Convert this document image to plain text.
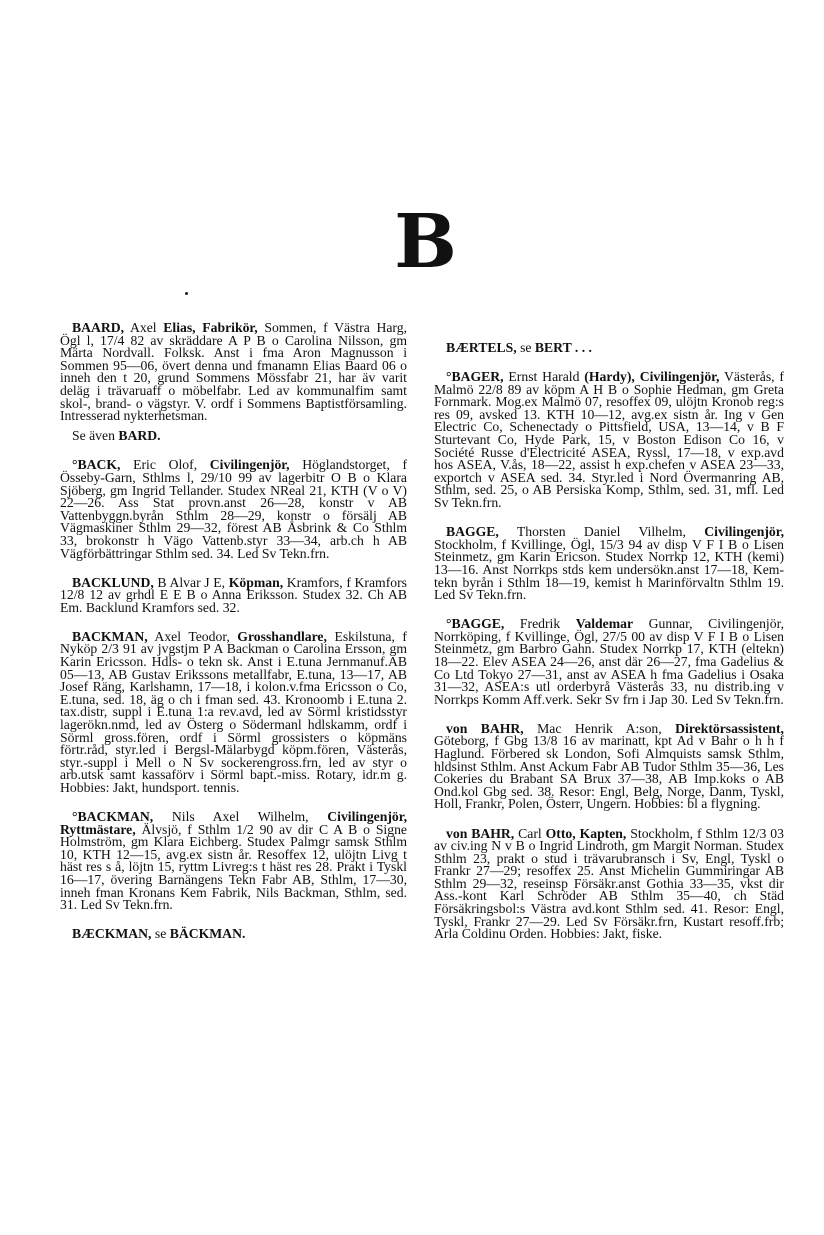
B

BAARD, Axel Elias, Fabrikör, Sommen, f Västra Harg, Ögl l, 17/4 82 av skräddare A P B o Carolina Nilsson, gm Märta Nordvall. Folksk. Anst i fma Aron Magnusson i Sommen 95—06, övert denna und fmanamn Elias Baard 06 o inneh den t 20, grund Sommens Mössfabr 21, har äv varit deläg i trävaruaff o möbelfabr. Led av kommunalfim samt skol-, brand- o vägstyr. V. ordf i Sommens Baptistförsamling. Intresserad nykterhetsman.

Se även BARD.

°BACK, Eric Olof, Civilingenjör, Höglandstorget, f Össeby-Garn, Sthlms l, 29/10 99 av lagerbitr O B o Klara Sjöberg, gm Ingrid Tellander. Studex NReal 21, KTH (V o V) 22—26. Ass Stat provn.anst 26—28, konstr v AB Vattenbyggn.byrån Sthlm 28—29, konstr o försälj AB Vägmaskiner Sthlm 29—32, förest AB Åsbrink & Co Sthlm 33, brokonstr h Vägo Vattenb.styr 33—34, arb.ch h AB Vägförbättringar Sthlm sed. 34. Led Sv Tekn.frn.

BACKLUND, B Alvar J E, Köpman, Kramfors, f Kramfors 12/8 12 av grhdl E E B o Anna Eriksson. Studex 32. Ch AB Em. Backlund Kramfors sed. 32.

BACKMAN, Axel Teodor, Grosshandlare, Eskilstuna, f Nyköp 2/3 91 av jvgstjm P A Backman o Carolina Ersson, gm Karin Ericsson. Hdls- o tekn sk. Anst i E.tuna Jernmanuf.AB 05—13, AB Gustav Erikssons metallfabr, E.tuna, 13—17, AB Josef Räng, Karlshamn, 17—18, i kolon.v.fma Ericsson o Co, E.tuna, sed. 18, äg o ch i fman sed. 43. Kronoomb i E.tuna 2. tax.distr, suppl i E.tuna 1:a rev.avd, led av Sörml kristidsstyr lagerökn.nmd, led av Österg o Södermanl hdlskamm, ordf i Sörml gross.fören, ordf i Sörml grossisters o köpmäns förtr.råd, styr.led i Bergsl-Mälarbygd köpm.fören, Västerås, styr.-suppl i Mell o N Sv sockerengross.frn, led av styr o arb.utsk samt kassaförv i Sörml bapt.-miss. Rotary, idr.m g. Hobbies: Jakt, hundsport. tennis.

°BACKMAN, Nils Axel Wilhelm, Civilingenjör, Ryttmästare, Älvsjö, f Sthlm 1/2 90 av dir C A B o Signe Holmström, gm Klara Eichberg. Studex Palmgr samsk Sthlm 10, KTH 12—15, avg.ex sistn år. Resoffex 12, ulöjtn Livg t häst res s å, löjtn 15, ryttm Livreg:s t häst res 28. Prakt i Tyskl 16—17, övering Barnängens Tekn Fabr AB, Sthlm, 17—30, inneh fman Kronans Kem Fabrik, Nils Backman, Sthlm, sed. 31. Led Sv Tekn.frn.

BÆCKMAN, se BÄCKMAN.

BÆRTELS, se BERT . . .

°BAGER, Ernst Harald (Hardy), Civilingenjör, Västerås, f Malmö 22/8 89 av köpm A H B o Sophie Hedman, gm Greta Fornmark. Mog.ex Malmö 07, resoffex 09, ulöjtn Kronob reg:s res 09, avsked 13. KTH 10—12, avg.ex sistn år. Ing v Gen Electric Co, Schenectady o Pittsfield, USA, 13—14, v B F Sturtevant Co, Hyde Park, 15, v Boston Edison Co 16, v Société Russe d'Electricité ASEA, Ryssl, 17—18, v exp.avd hos ASEA, V.ås, 18—22, assist h exp.chefen v ASEA 23—33, exportch v ASEA sed. 34. Styr.led i Nord Övermanring AB, Sthlm, sed. 25, o AB Persiska Komp, Sthlm, sed. 31, mfl. Led Sv Tekn.frn.

BAGGE, Thorsten Daniel Vilhelm, Civilingenjör, Stockholm, f Kvillinge, Ögl, 15/3 94 av disp V F I B o Lisen Steinmetz, gm Karin Ericson. Studex Norrkp 12, KTH (kemi) 13—16. Anst Norrkps stds kem undersökn.anst 17—18, Kem-tekn byrån i Sthlm 18—19, kemist h Marinförvaltn Sthlm 19. Led Sv Tekn.frn.

°BAGGE, Fredrik Valdemar Gunnar, Civilingenjör, Norrköping, f Kvillinge, Ögl, 27/5 00 av disp V F I B o Lisen Steinmetz, gm Barbro Gahn. Studex Norrkp 17, KTH (eltekn) 18—22. Elev ASEA 24—26, anst där 26—27, fma Gadelius & Co Ltd Tokyo 27—31, anst av ASEA h fma Gadelius i Osaka 31—32, ASEA:s utl orderbyrå Västerås 33, nu distrib.ing v Norrkps Komm Aff.verk. Sekr Sv frn i Jap 30. Led Sv Tekn.frn.

von BAHR, Mac Henrik A:son, Direktörsassistent, Göteborg, f Gbg 13/8 16 av marinatt, kpt Ad v Bahr o h h f Haglund. Förbered sk London, Sofi Almquists samsk Sthlm, hldsinst Sthlm. Anst Ackum Fabr AB Tudor Sthlm 35—36, Les Cokeries du Brabant SA Brux 37—38, AB Imp.koks o AB Ond.kol Gbg sed. 38. Resor: Engl, Belg, Norge, Danm, Tyskl, Holl, Frankr, Polen, Österr, Ungern. Hobbies: bl a flygning.

von BAHR, Carl Otto, Kapten, Stockholm, f Sthlm 12/3 03 av civ.ing N v B o Ingrid Lindroth, gm Margit Norman. Studex Sthlm 23, prakt o stud i trävarubransch i Sv, Engl, Tyskl o Frankr 27—29; resoffex 25. Anst Michelin Gummiringar AB Sthlm 29—32, reseinsp Försäkr.anst Gothia 33—35, vkst dir Ass.-kont Karl Schröder AB Sthlm 35—40, ch Städ Försäkringsbol:s Västra avd.kont Sthlm sed. 41. Resor: Engl, Tyskl, Frankr 27—29. Led Sv Försäkr.frn, Kustart resoff.frb; Arla Coldinu Orden. Hobbies: Jakt, fiske.
